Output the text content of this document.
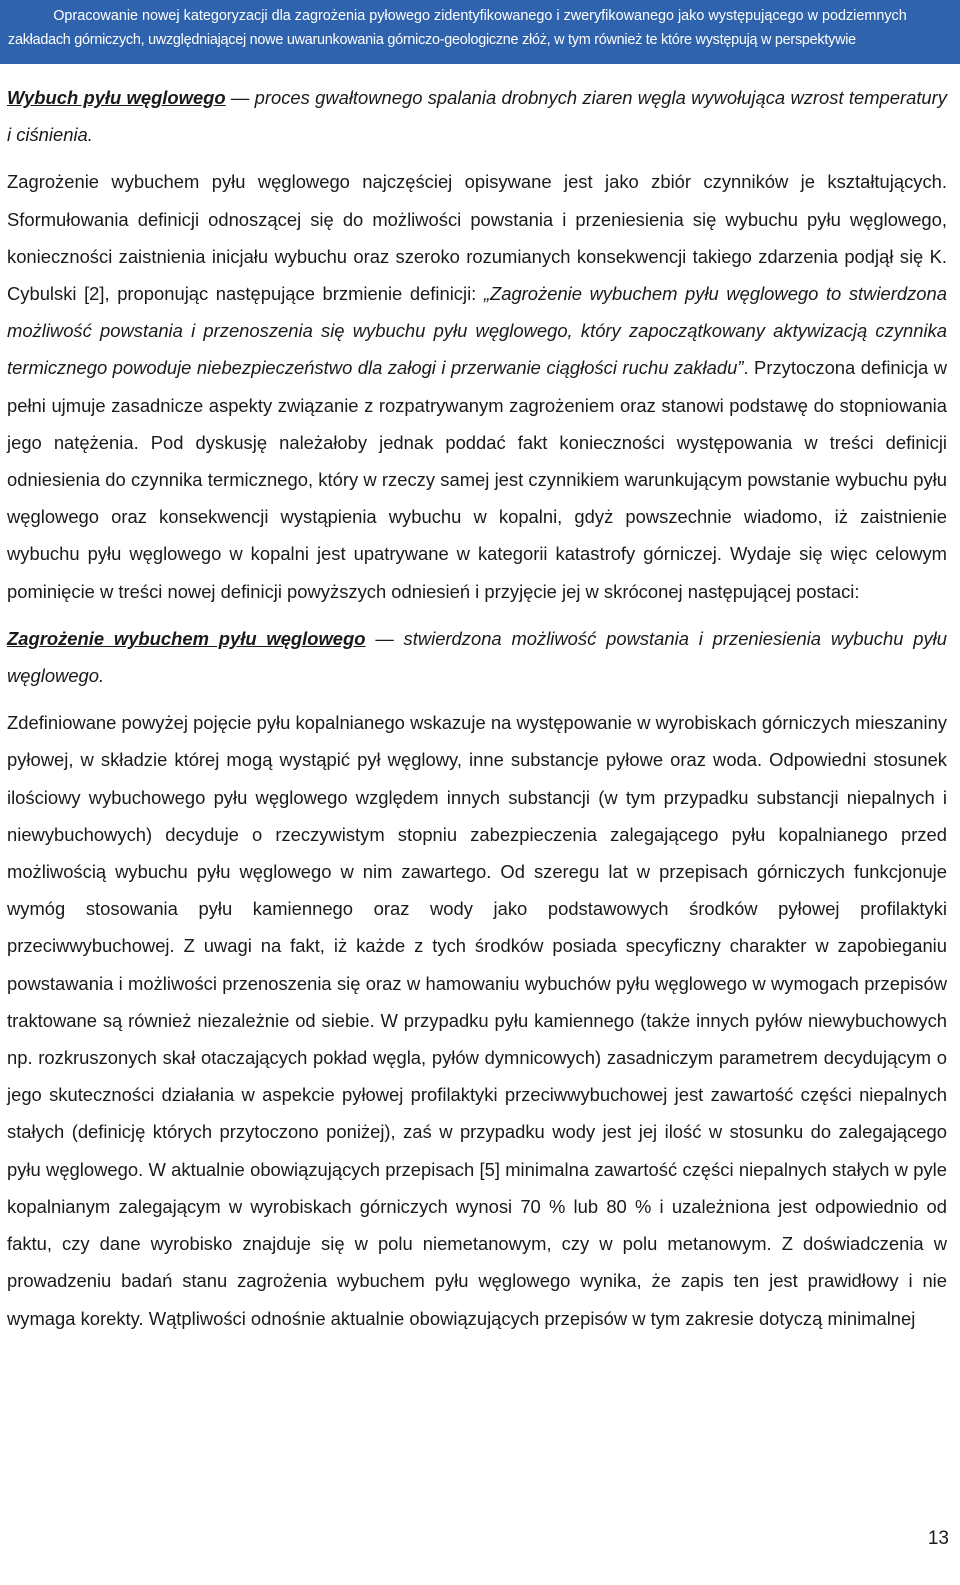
Opracowanie nowej kategoryzacji dla zagrożenia pyłowego zidentyfikowanego i zweryfikowanego jako występującego w podziemnych
zakładach górniczych, uwzględniającej nowe uwarunkowania górniczo-geologiczne złóż, w tym również te które występują w perspektywie

Wybuch pyłu węglowego — proces gwałtownego spalania drobnych ziaren węgla wywołująca wzrost temperatury i ciśnienia.

Zagrożenie wybuchem pyłu węglowego najczęściej opisywane jest jako zbiór czynników je kształtujących. Sformułowania definicji odnoszącej się do możliwości powstania i przeniesienia się wybuchu pyłu węglowego, konieczności zaistnienia inicjału wybuchu oraz szeroko rozumianych konsekwencji takiego zdarzenia podjął się K. Cybulski [2], proponując następujące brzmienie definicji: „Zagrożenie wybuchem pyłu węglowego to stwierdzona możliwość powstania i przenoszenia się wybuchu pyłu węglowego, który zapoczątkowany aktywizacją czynnika termicznego powoduje niebezpieczeństwo dla załogi i przerwanie ciągłości ruchu zakładu”. Przytoczona definicja w pełni ujmuje zasadnicze aspekty związanie z rozpatrywanym zagrożeniem oraz stanowi podstawę do stopniowania jego natężenia. Pod dyskusję należałoby jednak poddać fakt konieczności występowania w treści definicji odniesienia do czynnika termicznego, który w rzeczy samej jest czynnikiem warunkującym powstanie wybuchu pyłu węglowego oraz konsekwencji wystąpienia wybuchu w kopalni, gdyż powszechnie wiadomo, iż zaistnienie wybuchu pyłu węglowego w kopalni jest upatrywane w kategorii katastrofy górniczej. Wydaje się więc celowym pominięcie w treści nowej definicji powyższych odniesień i przyjęcie jej w skróconej następującej postaci:

Zagrożenie wybuchem pyłu węglowego — stwierdzona możliwość powstania i przeniesienia wybuchu pyłu węglowego.

Zdefiniowane powyżej pojęcie pyłu kopalnianego wskazuje na występowanie w wyrobiskach górniczych mieszaniny pyłowej, w składzie której mogą wystąpić pył węglowy, inne substancje pyłowe oraz woda. Odpowiedni stosunek ilościowy wybuchowego pyłu węglowego względem innych substancji (w tym przypadku substancji niepalnych i niewybuchowych) decyduje o rzeczywistym stopniu zabezpieczenia zalegającego pyłu kopalnianego przed możliwością wybuchu pyłu węglowego w nim zawartego. Od szeregu lat w przepisach górniczych funkcjonuje wymóg stosowania pyłu kamiennego oraz wody jako podstawowych środków pyłowej profilaktyki przeciwwybuchowej. Z uwagi na fakt, iż każde z tych środków posiada specyficzny charakter w zapobieganiu powstawania i możliwości przenoszenia się oraz w hamowaniu wybuchów pyłu węglowego w wymogach przepisów traktowane są również niezależnie od siebie. W przypadku pyłu kamiennego (także innych pyłów niewybuchowych np. rozkruszonych skał otaczających pokład węgla, pyłów dymnicowych) zasadniczym parametrem decydującym o jego skuteczności działania w aspekcie pyłowej profilaktyki przeciwwybuchowej jest zawartość części niepalnych stałych (definicję których przytoczono poniżej), zaś w przypadku wody jest jej ilość w stosunku do zalegającego pyłu węglowego. W aktualnie obowiązujących przepisach [5] minimalna zawartość części niepalnych stałych w pyle kopalnianym zalegającym w wyrobiskach górniczych wynosi 70 % lub 80 % i uzależniona jest odpowiednio od faktu, czy dane wyrobisko znajduje się w polu niemetanowym, czy w polu metanowym. Z doświadczenia w prowadzeniu badań stanu zagrożenia wybuchem pyłu węglowego wynika, że zapis ten jest prawidłowy i nie wymaga korekty. Wątpliwości odnośnie aktualnie obowiązujących przepisów w tym zakresie dotyczą minimalnej

13
